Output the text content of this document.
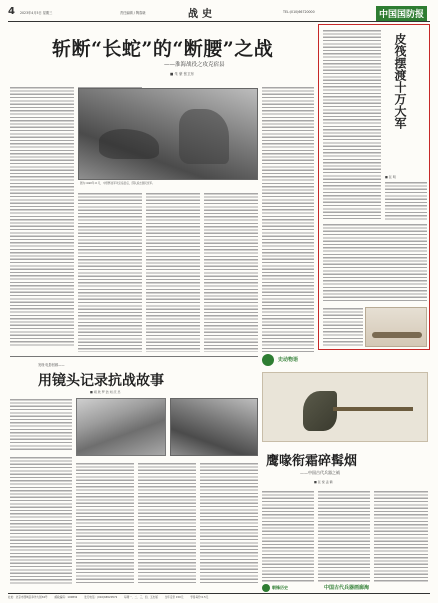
4 2023年4月5日 星期三	责任编辑 / 陶春晓	战史	TEL:(010)66720000	中国国防报
斩断“长蛇”的“断腰”之战
——淮海战役之攻克宿县
■ 朱 豪 张卫东
图为1948年11月，中原野战军攻克宿县后，部队追击国民党军。
皮筏摆渡十万大军
■ 张 明
史动物语
鹰喙衔霜碎髯烟
——中国古代兵器之钺
■ 张 悦 孟 鹤
发现·电影回顾——
用镜头记录抗战故事
■ 胡 欣 罗 浩 刘 庆 忠
朝锋历史	中国古代兵器画廊淘
社址：北京市西城区阜外大街34号	邮政编码：100832	发行电话：(010)66520572	每周一、二、三、四、五出版	全年定价 150元	零售每份 0.5元
